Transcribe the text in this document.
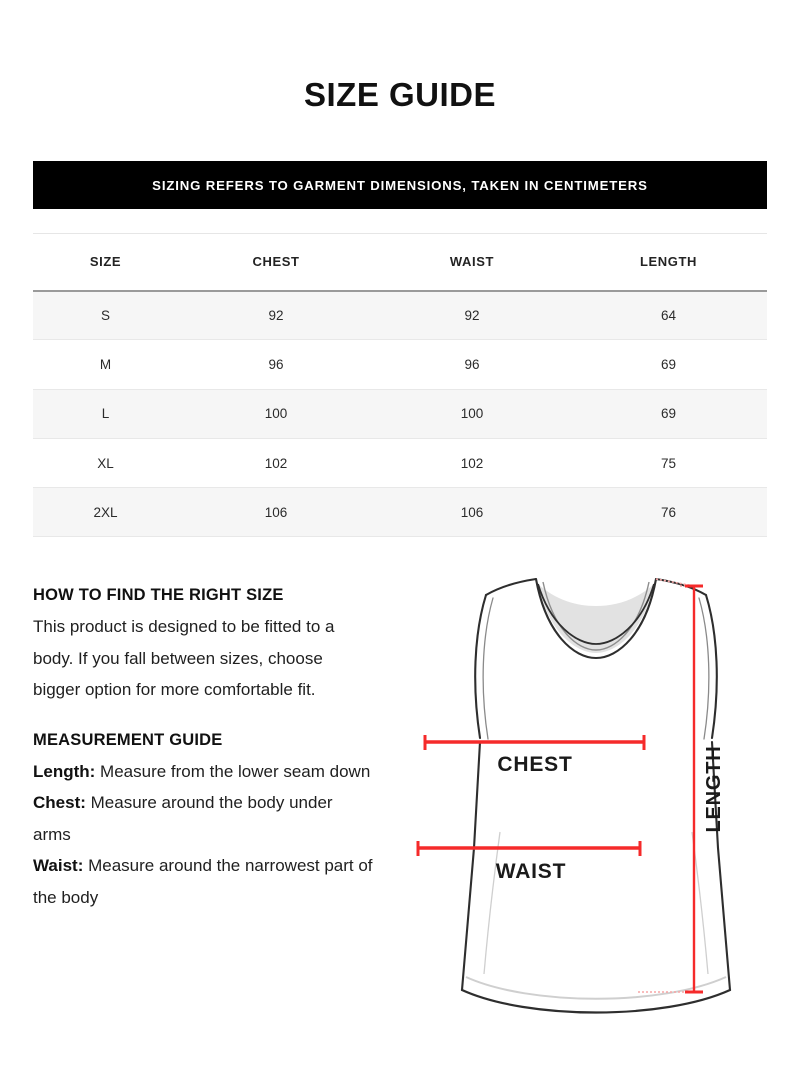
SIZE GUIDE
SIZING REFERS TO GARMENT DIMENSIONS, TAKEN IN CENTIMETERS
SIZE	CHEST	WAIST	LENGTH
S	92	92	64
M	96	96	69
L	100	100	69
XL	102	102	75
2XL	106	106	76
HOW TO FIND THE RIGHT SIZE
This product is designed to be fitted to a body. If you fall between sizes, choose bigger option for more comfortable fit.
MEASUREMENT GUIDE
Length: Measure from the lower seam down
Chest: Measure around the body under arms
Waist: Measure around the narrowest part of the body
CHEST
WAIST
LENGTH
